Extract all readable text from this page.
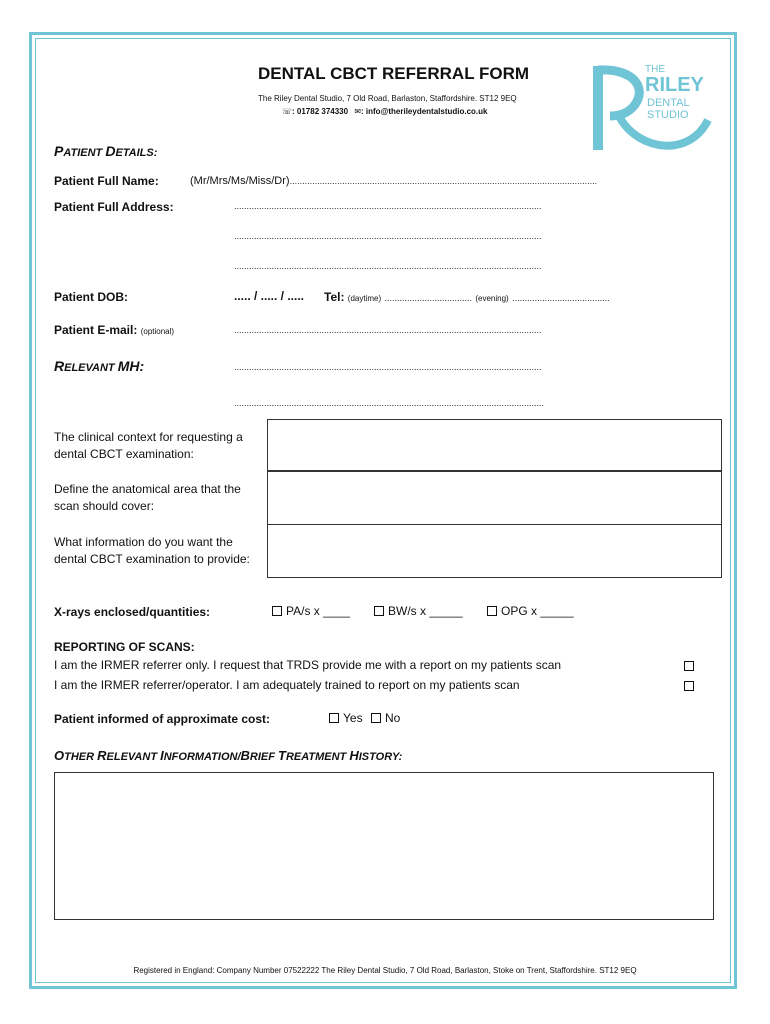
DENTAL CBCT REFERRAL FORM
The Riley Dental Studio, 7 Old Road, Barlaston, Staffordshire. ST12 9EQ
☏: 01782 374330 ✉: info@therileydentalstudio.co.uk
THE
RILEY
DENTAL
STUDIO
PATIENT DETAILS:
Patient Full Name:	(Mr/Mrs/Ms/Miss/Dr)...........................................................................................................................
Patient Full Address:	...........................................................................................................................
...........................................................................................................................
...........................................................................................................................
Patient DOB:	..... / ..... / ..... Tel: (daytime) ................................... (evening) .......................................
Patient E-mail: (optional)	...........................................................................................................................
RELEVANT MH:	...........................................................................................................................
............................................................................................................................
The clinical context for requesting a dental CBCT examination:
Define the anatomical area that the scan should cover:
What information do you want the dental CBCT examination to provide:
X-rays enclosed/quantities:	PA/s x ____	BW/s x _____	OPG x _____
REPORTING OF SCANS:
I am the IRMER referrer only. I request that TRDS provide me with a report on my patients scan
I am the IRMER referrer/operator. I am adequately trained to report on my patients scan
Patient informed of approximate cost:	Yes	No
OTHER RELEVANT INFORMATION/BRIEF TREATMENT HISTORY:
Registered in England: Company Number 07522222 The Riley Dental Studio, 7 Old Road, Barlaston, Stoke on Trent, Staffordshire. ST12 9EQ
